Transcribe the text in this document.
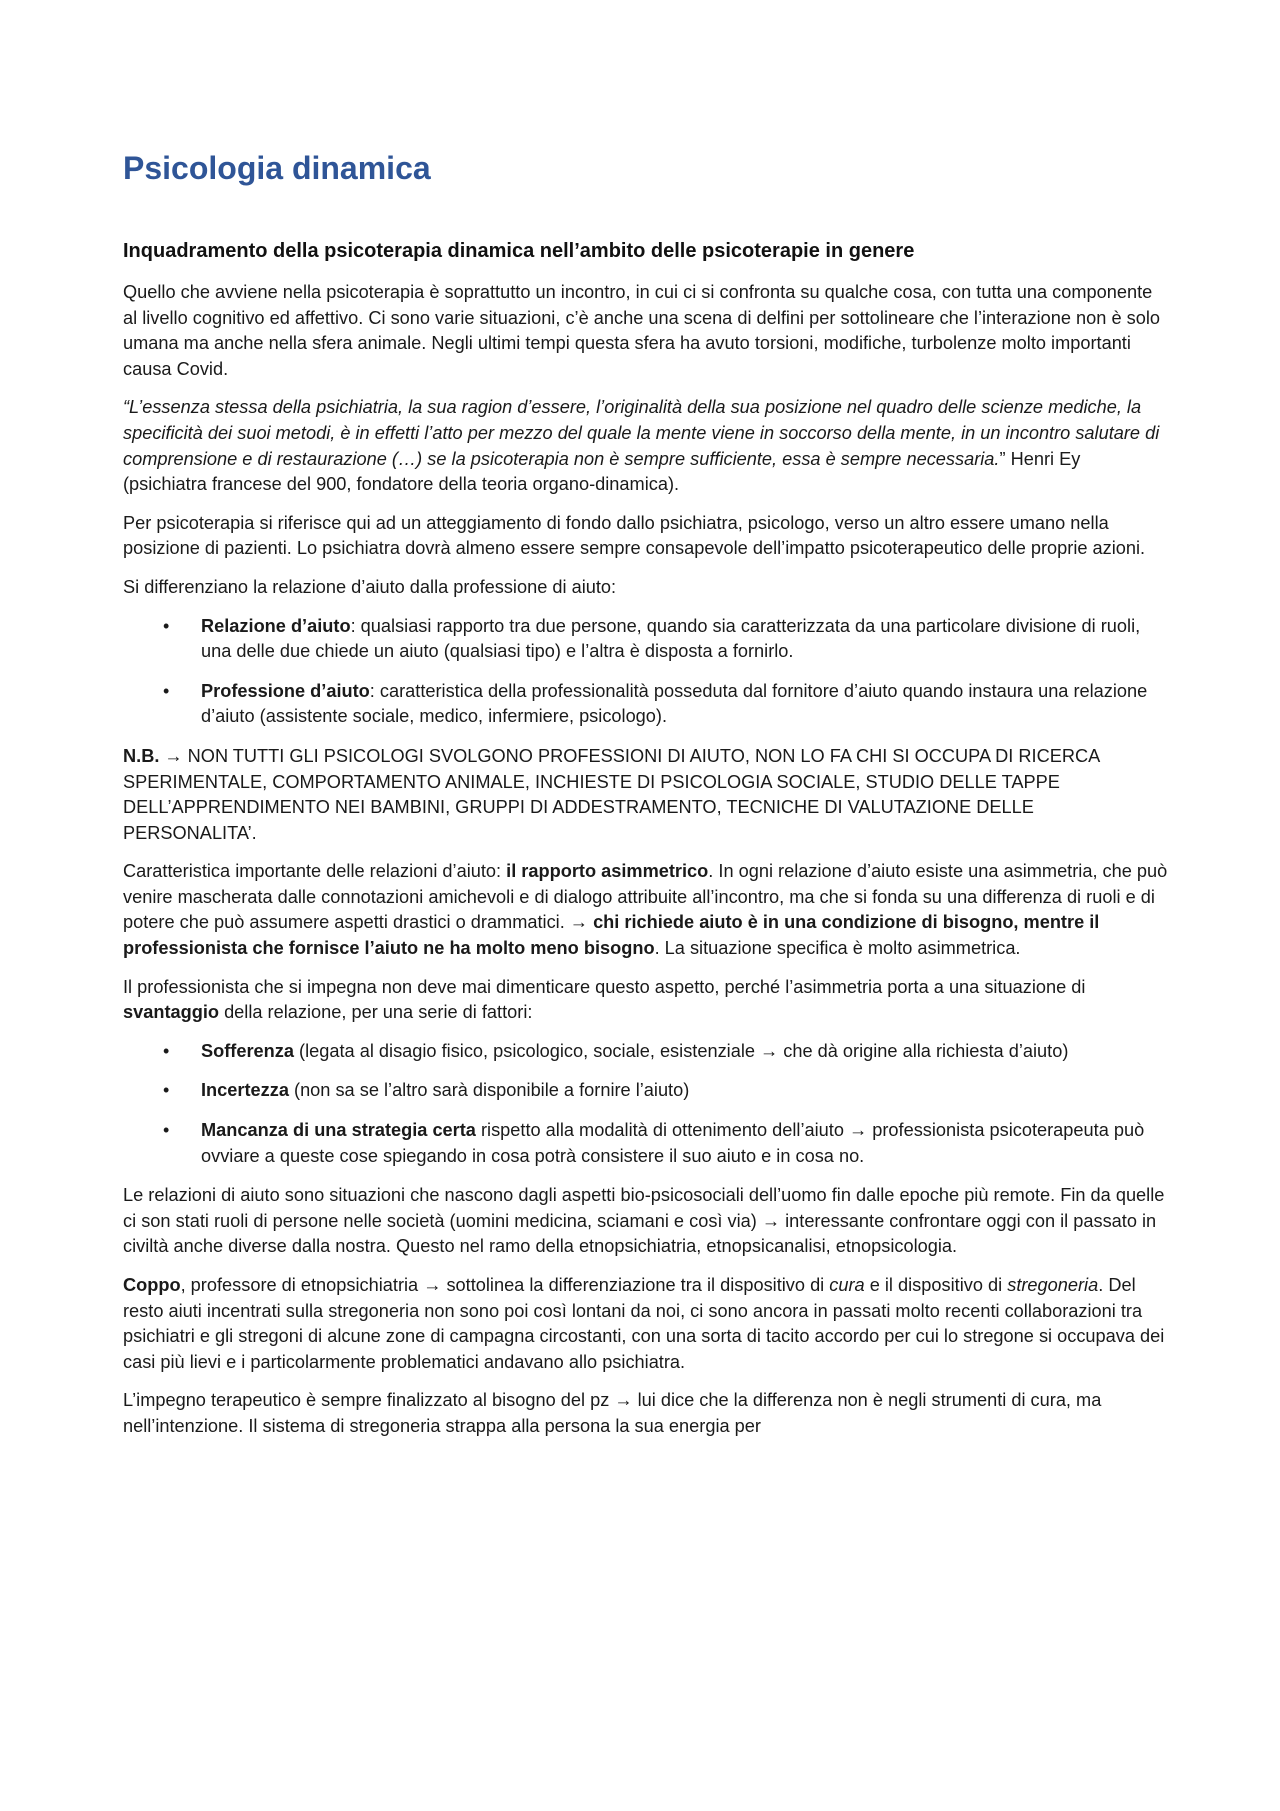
Psicologia dinamica
Inquadramento della psicoterapia dinamica nell’ambito delle psicoterapie in genere

Quello che avviene nella psicoterapia è soprattutto un incontro, in cui ci si confronta su qualche cosa, con tutta una componente al livello cognitivo ed affettivo. Ci sono varie situazioni, c’è anche una scena di delfini per sottolineare che l’interazione non è solo umana ma anche nella sfera animale. Negli ultimi tempi questa sfera ha avuto torsioni, modifiche, turbolenze molto importanti causa Covid.

“L’essenza stessa della psichiatria, la sua ragion d’essere, l’originalità della sua posizione nel quadro delle scienze mediche, la specificità dei suoi metodi, è in effetti l’atto per mezzo del quale la mente viene in soccorso della mente, in un incontro salutare di comprensione e di restaurazione (…) se la psicoterapia non è sempre sufficiente, essa è sempre necessaria.” Henri Ey (psichiatra francese del 900, fondatore della teoria organo-dinamica).

Per psicoterapia si riferisce qui ad un atteggiamento di fondo dallo psichiatra, psicologo, verso un altro essere umano nella posizione di pazienti. Lo psichiatra dovrà almeno essere sempre consapevole dell’impatto psicoterapeutico delle proprie azioni.

Si differenziano la relazione d’aiuto dalla professione di aiuto:

• Relazione d’aiuto: qualsiasi rapporto tra due persone, quando sia caratterizzata da una particolare divisione di ruoli, una delle due chiede un aiuto (qualsiasi tipo) e l’altra è disposta a fornirlo.
• Professione d’aiuto: caratteristica della professionalità posseduta dal fornitore d’aiuto quando instaura una relazione d’aiuto (assistente sociale, medico, infermiere, psicologo).

N.B. → NON TUTTI GLI PSICOLOGI SVOLGONO PROFESSIONI DI AIUTO, NON LO FA CHI SI OCCUPA DI RICERCA SPERIMENTALE, COMPORTAMENTO ANIMALE, INCHIESTE DI PSICOLOGIA SOCIALE, STUDIO DELLE TAPPE DELL’APPRENDIMENTO NEI BAMBINI, GRUPPI DI ADDESTRAMENTO, TECNICHE DI VALUTAZIONE DELLE PERSONALITA’.

Caratteristica importante delle relazioni d’aiuto: il rapporto asimmetrico. In ogni relazione d’aiuto esiste una asimmetria, che può venire mascherata dalle connotazioni amichevoli e di dialogo attribuite all’incontro, ma che si fonda su una differenza di ruoli e di potere che può assumere aspetti drastici o drammatici. → chi richiede aiuto è in una condizione di bisogno, mentre il professionista che fornisce l’aiuto ne ha molto meno bisogno. La situazione specifica è molto asimmetrica.

Il professionista che si impegna non deve mai dimenticare questo aspetto, perché l’asimmetria porta a una situazione di svantaggio della relazione, per una serie di fattori:

• Sofferenza (legata al disagio fisico, psicologico, sociale, esistenziale → che dà origine alla richiesta d’aiuto)
• Incertezza (non sa se l’altro sarà disponibile a fornire l’aiuto)
• Mancanza di una strategia certa rispetto alla modalità di ottenimento dell’aiuto → professionista psicoterapeuta può ovviare a queste cose spiegando in cosa potrà consistere il suo aiuto e in cosa no.

Le relazioni di aiuto sono situazioni che nascono dagli aspetti bio-psicosociali dell’uomo fin dalle epoche più remote. Fin da quelle ci son stati ruoli di persone nelle società (uomini medicina, sciamani e così via) → interessante confrontare oggi con il passato in civiltà anche diverse dalla nostra. Questo nel ramo della etnopsichiatria, etnopsicanalisi, etnopsicologia.

Coppo, professore di etnopsichiatria → sottolinea la differenziazione tra il dispositivo di cura e il dispositivo di stregoneria. Del resto aiuti incentrati sulla stregoneria non sono poi così lontani da noi, ci sono ancora in passati molto recenti collaborazioni tra psichiatri e gli stregoni di alcune zone di campagna circostanti, con una sorta di tacito accordo per cui lo stregone si occupava dei casi più lievi e i particolarmente problematici andavano allo psichiatra.

L’impegno terapeutico è sempre finalizzato al bisogno del pz → lui dice che la differenza non è negli strumenti di cura, ma nell’intenzione. Il sistema di stregoneria strappa alla persona la sua energia per
